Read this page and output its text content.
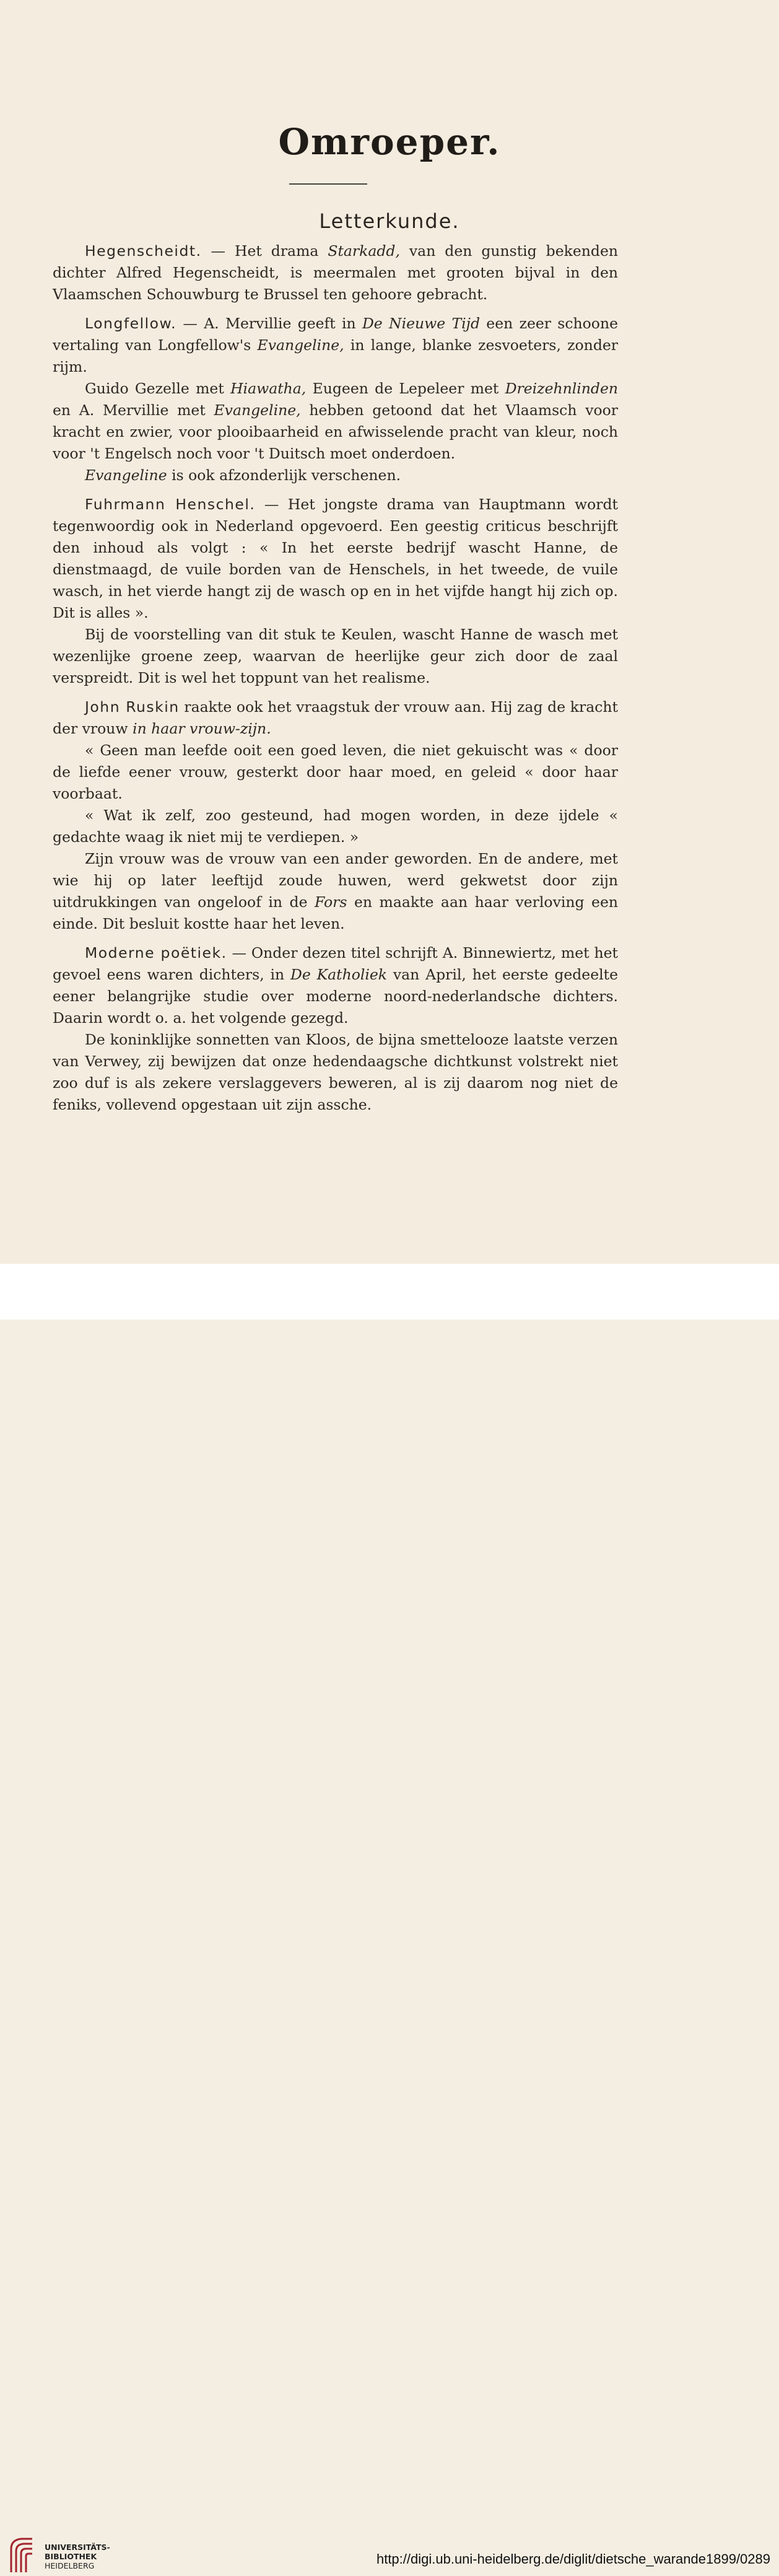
Omroeper.
Letterkunde.

Hegenscheidt. — Het drama Starkadd, van den gunstig bekenden dichter Alfred Hegenscheidt, is meermalen met grooten bijval in den Vlaamschen Schouwburg te Brussel ten gehoore gebracht.

Longfellow. — A. Mervillie geeft in De Nieuwe Tijd een zeer schoone vertaling van Longfellow's Evangeline, in lange, blanke zesvoeters, zonder rijm.

Guido Gezelle met Hiawatha, Eugeen de Lepeleer met Dreizehnlinden en A. Mervillie met Evangeline, hebben getoond dat het Vlaamsch voor kracht en zwier, voor plooibaarheid en afwisselende pracht van kleur, noch voor 't Engelsch noch voor 't Duitsch moet onderdoen.

Evangeline is ook afzonderlijk verschenen.

Fuhrmann Henschel. — Het jongste drama van Hauptmann wordt tegenwoordig ook in Nederland opgevoerd. Een geestig criticus beschrijft den inhoud als volgt : « In het eerste bedrijf wascht Hanne, de dienstmaagd, de vuile borden van de Henschels, in het tweede, de vuile wasch, in het vierde hangt zij de wasch op en in het vijfde hangt hij zich op. Dit is alles ».

Bij de voorstelling van dit stuk te Keulen, wascht Hanne de wasch met wezenlijke groene zeep, waarvan de heerlijke geur zich door de zaal verspreidt. Dit is wel het toppunt van het realisme.

John Ruskin raakte ook het vraagstuk der vrouw aan. Hij zag de kracht der vrouw in haar vrouw-zijn.

« Geen man leefde ooit een goed leven, die niet gekuischt was « door de liefde eener vrouw, gesterkt door haar moed, en geleid « door haar voorbaat.

« Wat ik zelf, zoo gesteund, had mogen worden, in deze ijdele « gedachte waag ik niet mij te verdiepen. »

Zijn vrouw was de vrouw van een ander geworden. En de andere, met wie hij op later leeftijd zoude huwen, werd gekwetst door zijn uitdrukkingen van ongeloof in de Fors en maakte aan haar verloving een einde. Dit besluit kostte haar het leven.

Moderne poëtiek. — Onder dezen titel schrijft A. Binnewiertz, met het gevoel eens waren dichters, in De Katholiek van April, het eerste gedeelte eener belangrijke studie over moderne noord-nederlandsche dichters. Daarin wordt o. a. het volgende gezegd.

De koninklijke sonnetten van Kloos, de bijna smetteloozе laatste verzen van Verwey, zij bewijzen dat onze hedendaagsche dichtkunst volstrekt niet zoo duf is als zekere verslaggevers beweren, al is zij daarom nog niet de feniks, vollevend opgestaan uit zijn assche.

UNIVERSITÄTS-
BIBLIOTHEK
HEIDELBERG	http://digi.ub.uni-heidelberg.de/diglit/dietsche_warande1899/0289
